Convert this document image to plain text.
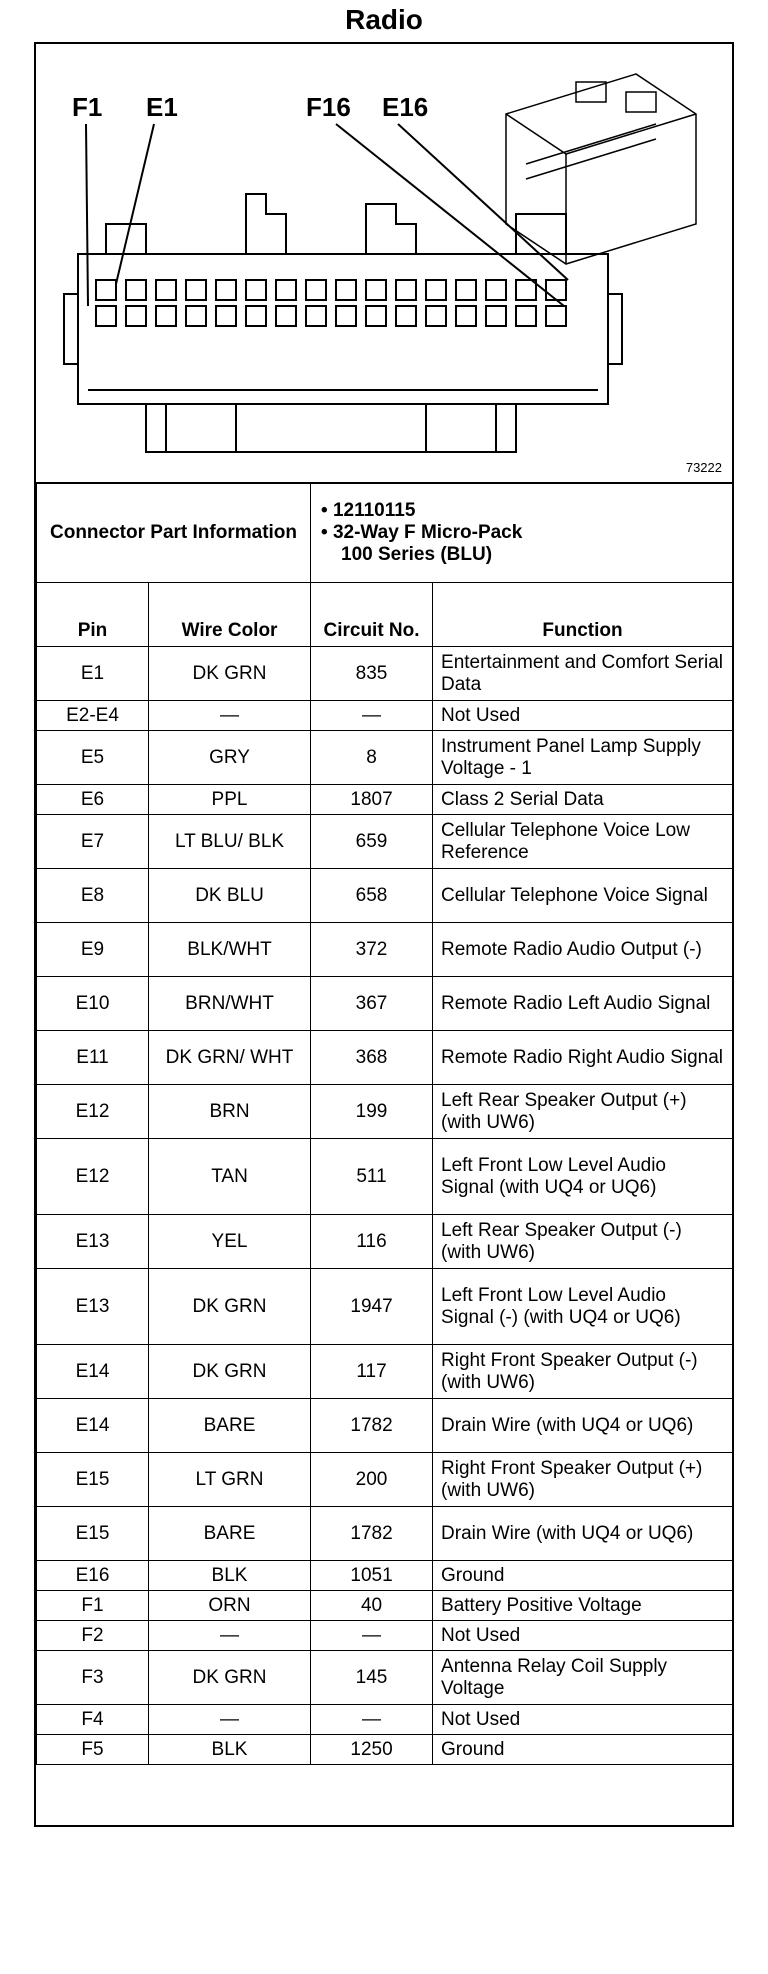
Radio
F1 E1	F16 E16
73222
Connector Part Information		• 12110115
• 32-Way F Micro-Pack
100 Series (BLU)

Pin	Wire Color	Circuit No.	Function
E1	DK GRN	835	Entertainment and Comfort Serial Data
E2-E4	—	—	Not Used
E5	GRY	8	Instrument Panel Lamp Supply Voltage - 1
E6	PPL	1807	Class 2 Serial Data
E7	LT BLU/ BLK	659	Cellular Telephone Voice Low Reference
E8	DK BLU	658	Cellular Telephone Voice Signal
E9	BLK/WHT	372	Remote Radio Audio Output (-)
E10	BRN/WHT	367	Remote Radio Left Audio Signal
E11	DK GRN/ WHT	368	Remote Radio Right Audio Signal
E12	BRN	199	Left Rear Speaker Output (+) (with UW6)
E12	TAN	511	Left Front Low Level Audio Signal (with UQ4 or UQ6)
E13	YEL	116	Left Rear Speaker Output (-) (with UW6)
E13	DK GRN	1947	Left Front Low Level Audio Signal (-) (with UQ4 or UQ6)
E14	DK GRN	117	Right Front Speaker Output (-) (with UW6)
E14	BARE	1782	Drain Wire (with UQ4 or UQ6)
E15	LT GRN	200	Right Front Speaker Output (+) (with UW6)
E15	BARE	1782	Drain Wire (with UQ4 or UQ6)
E16	BLK	1051	Ground
F1	ORN	40	Battery Positive Voltage
F2	—	—	Not Used
F3	DK GRN	145	Antenna Relay Coil Supply Voltage
F4	—	—	Not Used
F5	BLK	1250	Ground
